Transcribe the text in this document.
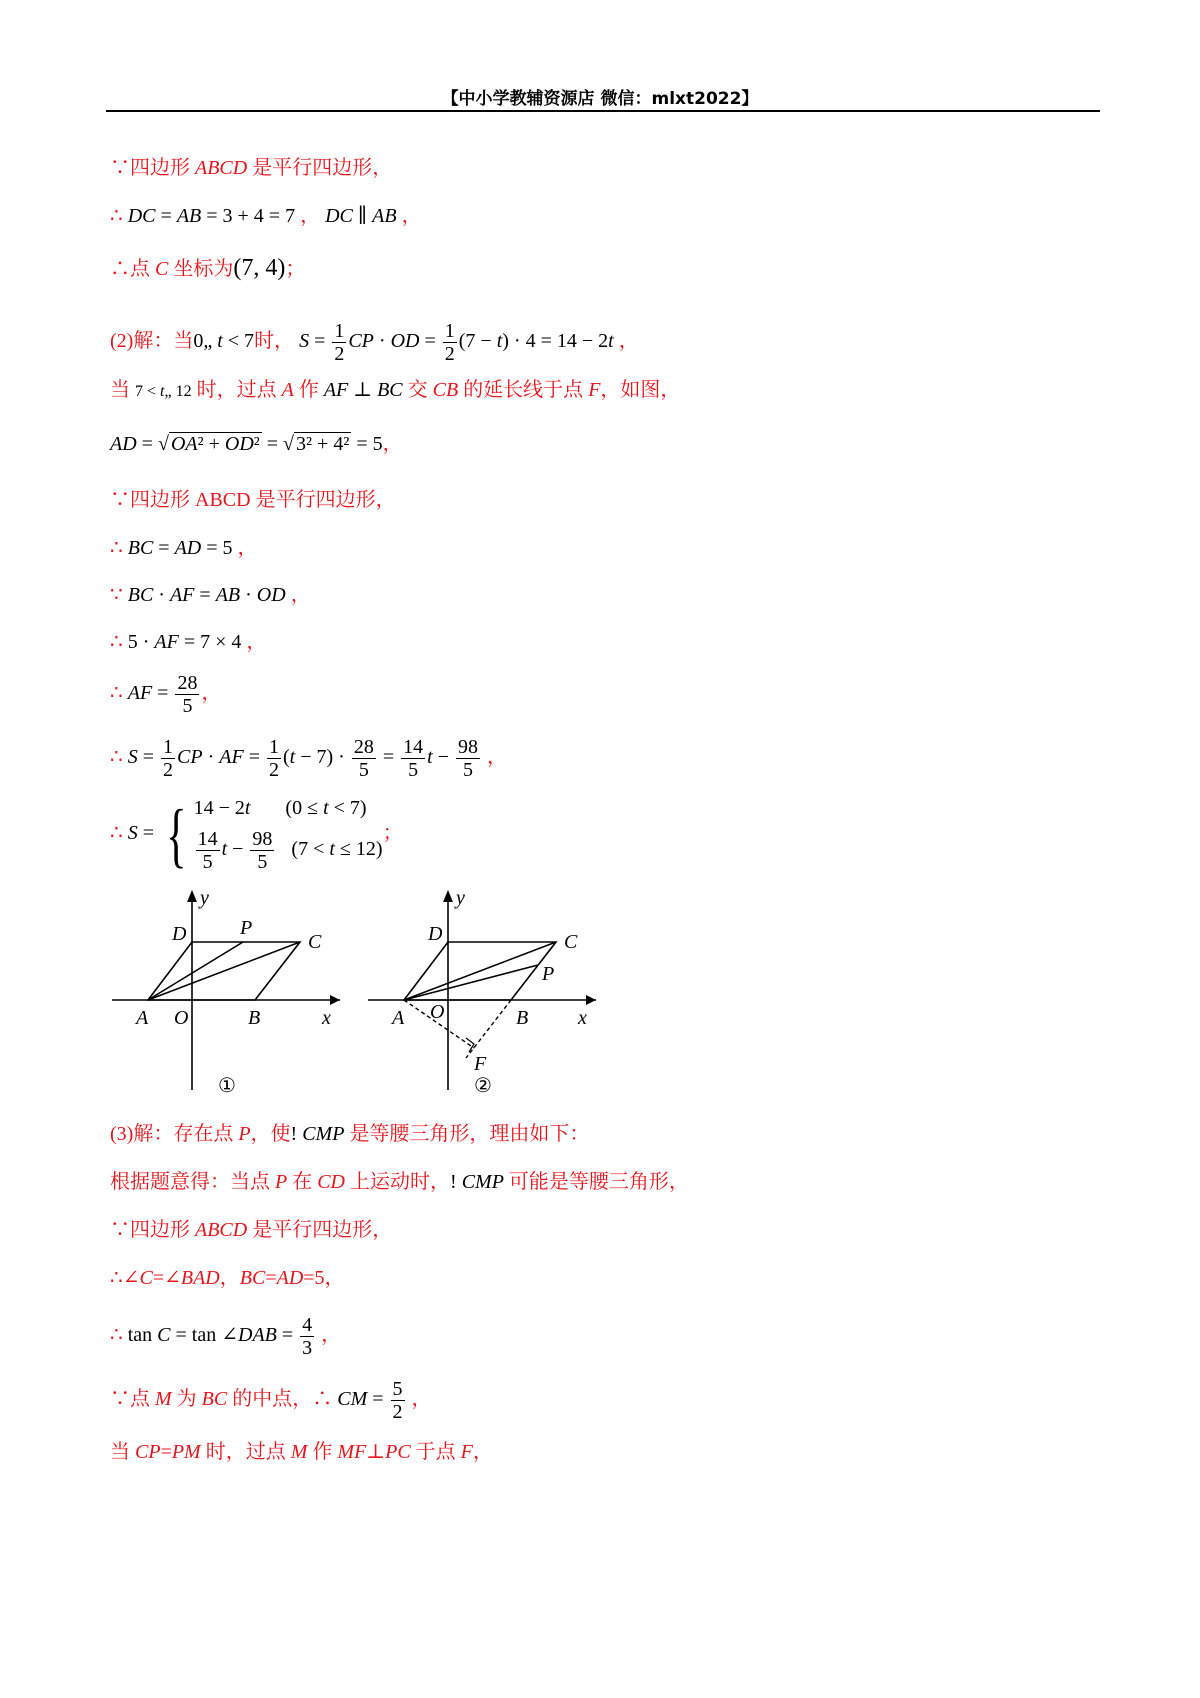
【中小学教辅资源店 微信：mlxt2022】
∵四边形 ABCD 是平行四边形，
∴ DC = AB = 3 + 4 = 7 ， DC ∥ AB ，
∴点 C 坐标为(7, 4)；
(2)解：当0„ t < 7时， $S = \frac{1}{2}$ CP · OD = $\frac{1}{2} (7 - t) \cdot 4 = 14 - 2t$ ，
当 7 < t„ 12 时，过点 A 作 AF ⊥ BC 交 CB 的延长线于点 F，如图，
AD = √ OA² + OD² = √ 3² + 4² = 5，
∵四边形 ABCD 是平行四边形，
∴ BC = AD = 5 ，
∵ BC · AF = AB · OD ，
∴ 5 · AF = 7 × 4 ，
∴ AF = $\frac{28}{5}$ ，
∴ $S = \frac{1}{2}$ CP · AF = $\frac{1}{2} (t - 7) \cdot \frac{28}{5} = \frac{14}{5}$ $t - \frac{98}{5}$ ，
∴ S = { 14 − 2t       (0 ≤ t < 7)
$\frac{14}{5}$ $t - \frac{98}{5} (7 < t \le 12)$
；
y
D	P
C
A O	B	x
①
y
D	C
P
A O	B x
F
②
(3)解：存在点 P，使! CMP 是等腰三角形，理由如下：
根据题意得：当点 P 在 CD 上运动时，! CMP 可能是等腰三角形，
∵四边形 ABCD 是平行四边形，
∴∠C=∠BAD，BC=AD=5，
∴ tan C = tan ∠DAB = $\frac{4}{3}$ ，
∵点 M 为 BC 的中点，∴ CM = $\frac{5}{2}$ ，
当 CP=PM 时，过点 M 作 MF⊥PC 于点 F，
